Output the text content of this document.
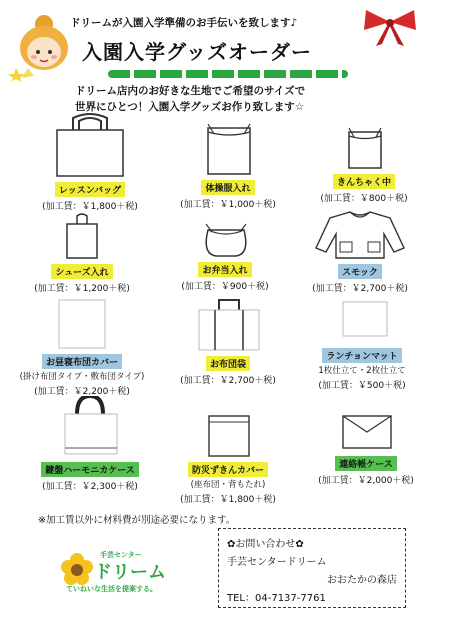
ドリームが入園入学準備のお手伝いを致します♪
入園入学グッズオーダー
ドリーム店内のお好きな生地でご希望のサイズで
世界にひとつ！入園入学グッズお作り致します☆
レッスンバッグ
(加工賃：￥1,800＋税)
体操服入れ
(加工賃：￥1,000＋税)
きんちゃく中
(加工賃：￥800＋税)
シューズ入れ
(加工賃：￥1,200＋税)
お弁当入れ
(加工賃：￥900＋税)
スモック
(加工賃：￥2,700＋税)
お昼寝布団カバー
(掛け布団タイプ・敷布団タイプ)
(加工賃：￥2,200＋税)
お布団袋
(加工賃：￥2,700＋税)
ランチョンマット
1枚仕立て・2枚仕立て
(加工賃：￥500＋税)
鍵盤ハーモニカケース
(加工賃：￥2,300＋税)
防災ずきんカバー
(座布団・背もたれ)
(加工賃：￥1,800＋税)
連絡帳ケース
(加工賃：￥2,000＋税)
※加工賃以外に材料費が別途必要になります。
手芸センター
ドリーム
ていねいな生活を提案する。
✿お問い合わせ✿
手芸センタードリーム
おおたかの森店
TEL：04-7137-7761
